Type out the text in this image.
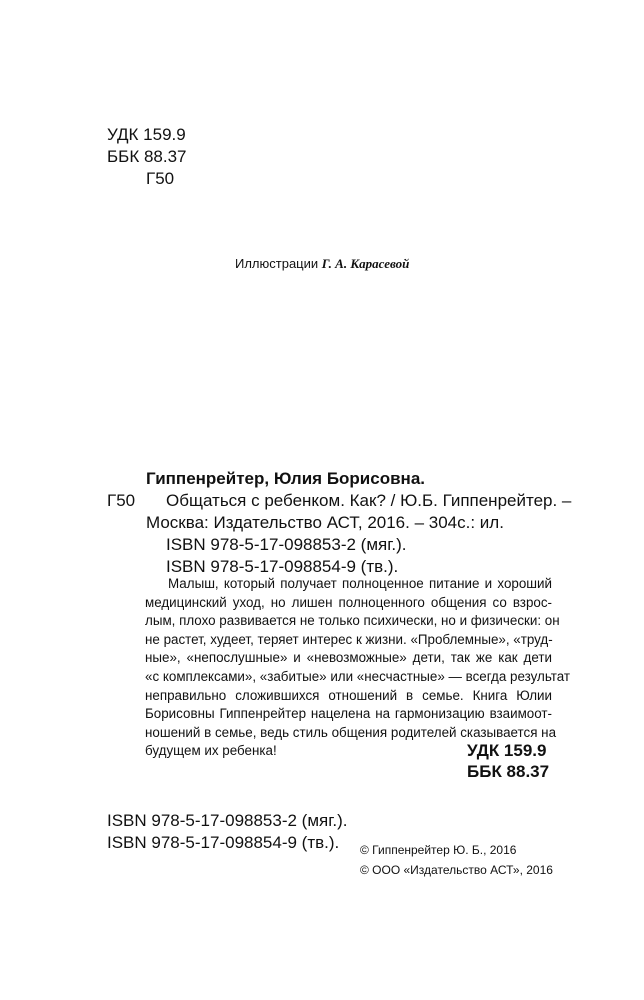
УДК 159.9
ББК 88.37
Г50
Иллюстрации Г. А. Карасевой
Гиппенрейтер, Юлия Борисовна.
Г50 Общаться с ребенком. Как? / Ю.Б. Гиппенрейтер. –
Москва: Издательство АСТ, 2016. – 304с.: ил.
ISBN 978-5-17-098853-2 (мяг.).
ISBN 978-5-17-098854-9 (тв.).
Малыш, который получает полноценное питание и хороший
медицинский уход, но лишен полноценного общения со взрос-
лым, плохо развивается не только психически, но и физически: он
не растет, худеет, теряет интерес к жизни. «Проблемные», «труд-
ные», «непослушные» и «невозможные» дети, так же как дети
«с комплексами», «забитые» или «несчастные» — всегда результат
неправильно сложившихся отношений в семье. Книга Юлии
Борисовны Гиппенрейтер нацелена на гармонизацию взаимоот-
ношений в семье, ведь стиль общения родителей сказывается на
будущем их ребенка!	УДК 159.9
ББК 88.37
ISBN 978-5-17-098853-2 (мяг.).
ISBN 978-5-17-098854-9 (тв.). © Гиппенрейтер Ю. Б., 2016
© ООО «Издательство АСТ», 2016
